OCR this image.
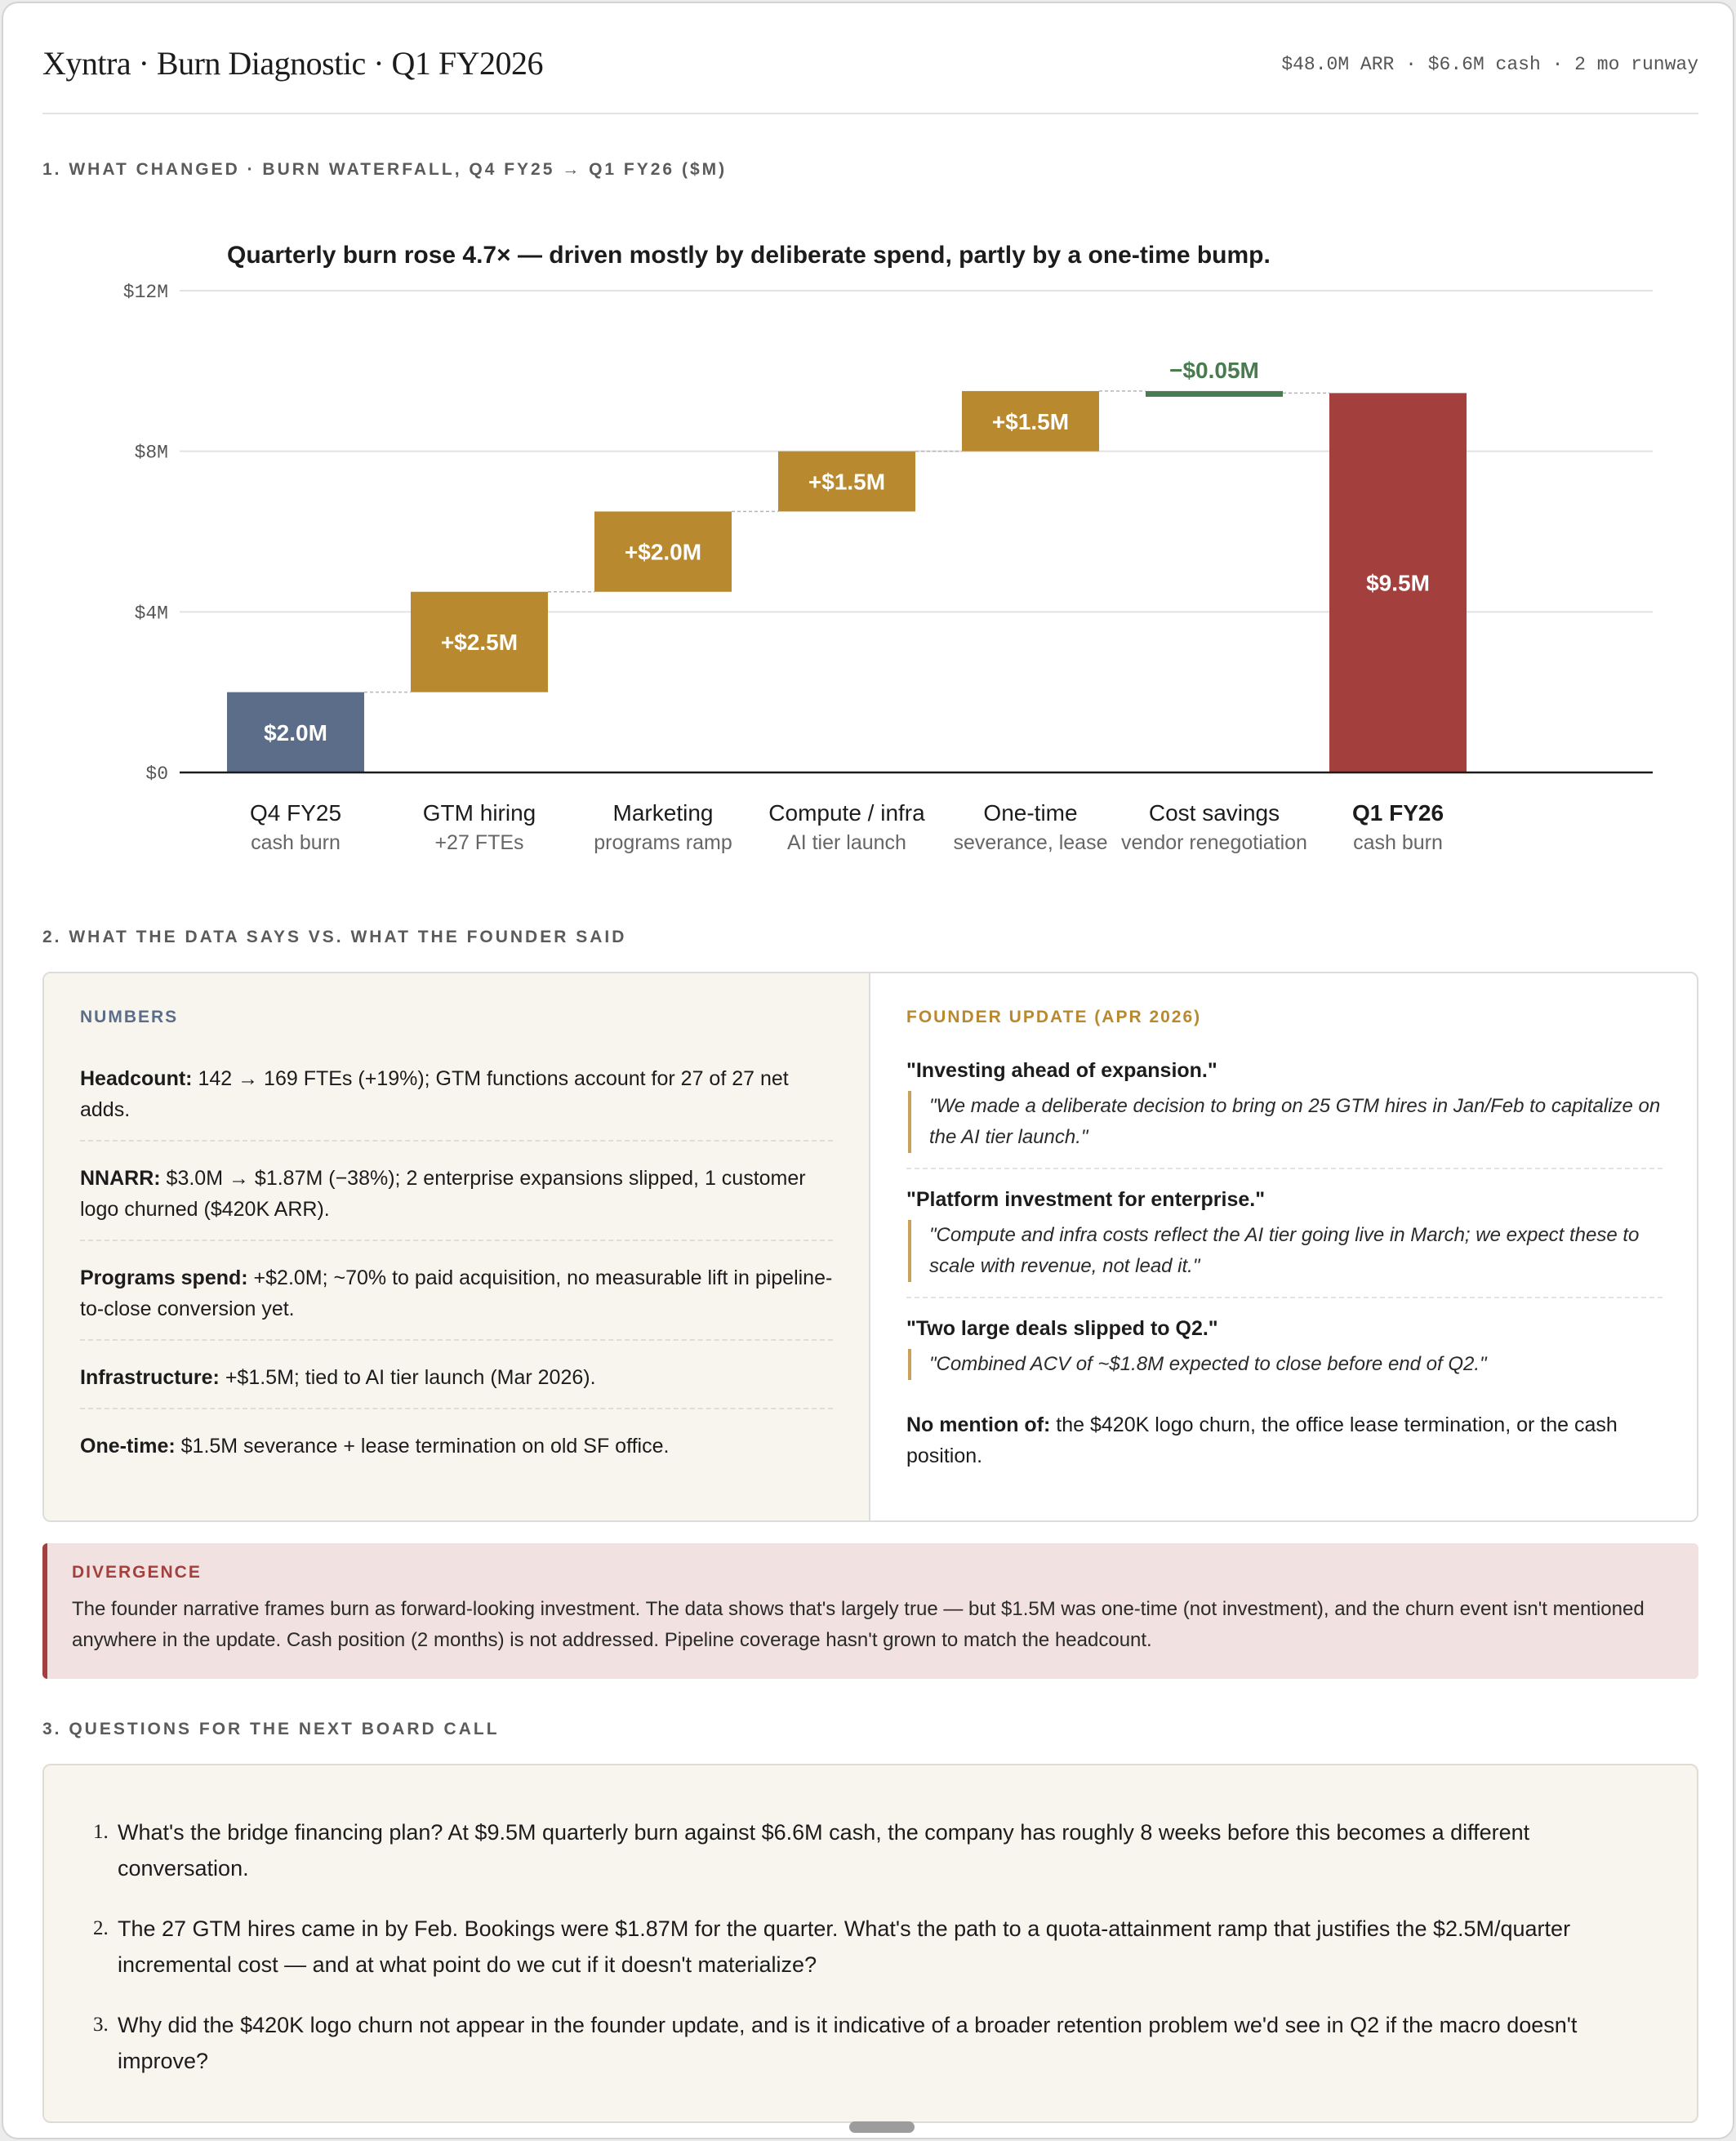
Xyntra · Burn Diagnostic · Q1 FY2026	$48.0M ARR · $6.6M cash · 2 mo runway
1. WHAT CHANGED · BURN WATERFALL, Q4 FY25 → Q1 FY26 ($M)
$0
$4M
$8M
$12M
$2.0M
Q4 FY25
cash burn
+$2.5M
GTM hiring
+27 FTEs
+$2.0M
Marketing
programs ramp
+$1.5M
Compute / infra
AI tier launch
+$1.5M
One-time
severance, lease
−$0.05M
Cost savings
vendor renegotiation
$9.5M
Q1 FY26
cash burn
Quarterly burn rose 4.7× — driven mostly by deliberate spend, partly by a one-time bump.
2. WHAT THE DATA SAYS VS. WHAT THE FOUNDER SAID
NUMBERS
Headcount: 142 → 169 FTEs (+19%); GTM functions account for 27 of 27 net adds.
NNARR: $3.0M → $1.87M (−38%); 2 enterprise expansions slipped, 1 customer logo churned ($420K ARR).
Programs spend: +$2.0M; ~70% to paid acquisition, no measurable lift in pipeline-to-close conversion yet.
Infrastructure: +$1.5M; tied to AI tier launch (Mar 2026).
One-time: $1.5M severance + lease termination on old SF office.
FOUNDER UPDATE (APR 2026)
"Investing ahead of expansion."
"We made a deliberate decision to bring on 25 GTM hires in Jan/Feb to capitalize on the AI tier launch."
"Platform investment for enterprise."
"Compute and infra costs reflect the AI tier going live in March; we expect these to scale with revenue, not lead it."
"Two large deals slipped to Q2."
"Combined ACV of ~$1.8M expected to close before end of Q2."
No mention of: the $420K logo churn, the office lease termination, or the cash position.
DIVERGENCE
The founder narrative frames burn as forward-looking investment. The data shows that's largely true — but $1.5M was one-time (not investment), and the churn event isn't mentioned anywhere in the update. Cash position (2 months) is not addressed. Pipeline coverage hasn't grown to match the headcount.
3. QUESTIONS FOR THE NEXT BOARD CALL
1. What's the bridge financing plan? At $9.5M quarterly burn against $6.6M cash, the company has roughly 8 weeks before this becomes a different conversation.
2. The 27 GTM hires came in by Feb. Bookings were $1.87M for the quarter. What's the path to a quota-attainment ramp that justifies the $2.5M/quarter incremental cost — and at what point do we cut if it doesn't materialize?
3. Why did the $420K logo churn not appear in the founder update, and is it indicative of a broader retention problem we'd see in Q2 if the macro doesn't improve?
